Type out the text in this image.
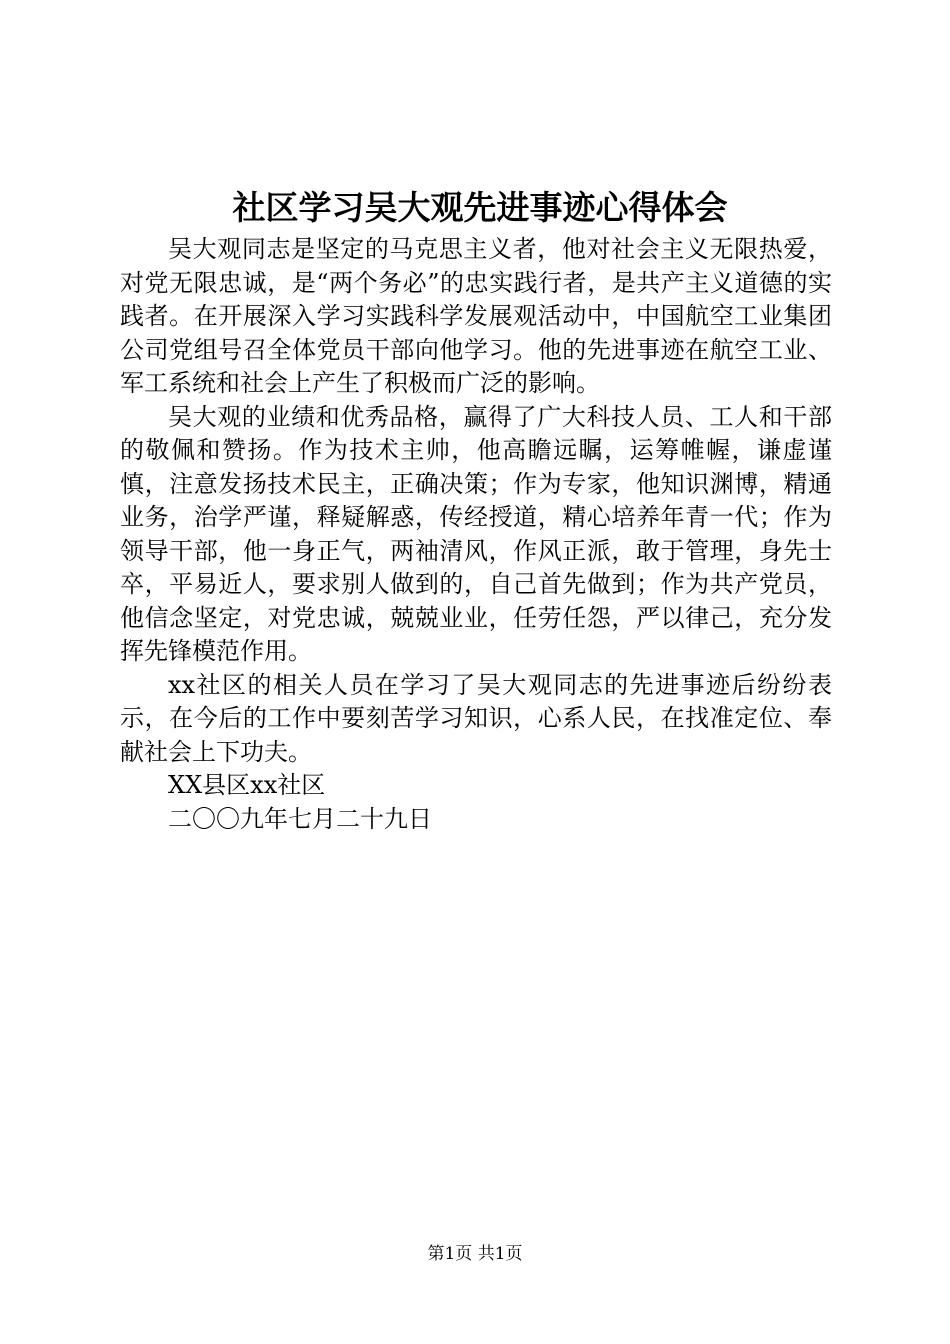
社区学习吴大观先进事迹心得体会

吴大观同志是坚定的马克思主义者，他对社会主义无限热爱，对党无限忠诚，是“两个务必”的忠实践行者，是共产主义道德的实践者。在开展深入学习实践科学发展观活动中，中国航空工业集团公司党组号召全体党员干部向他学习。他的先进事迹在航空工业、军工系统和社会上产生了积极而广泛的影响。

吴大观的业绩和优秀品格，赢得了广大科技人员、工人和干部的敬佩和赞扬。作为技术主帅，他高瞻远瞩，运筹帷幄，谦虚谨慎，注意发扬技术民主，正确决策；作为专家，他知识渊博，精通业务，治学严谨，释疑解惑，传经授道，精心培养年青一代；作为领导干部，他一身正气，两袖清风，作风正派，敢于管理，身先士卒，平易近人，要求别人做到的，自己首先做到；作为共产党员，他信念坚定，对党忠诚，兢兢业业，任劳任怨，严以律己，充分发挥先锋模范作用。

xx社区的相关人员在学习了吴大观同志的先进事迹后纷纷表示，在今后的工作中要刻苦学习知识，心系人民，在找准定位、奉献社会上下功夫。

XX县区xx社区

二〇〇九年七月二十九日

第1页 共1页
